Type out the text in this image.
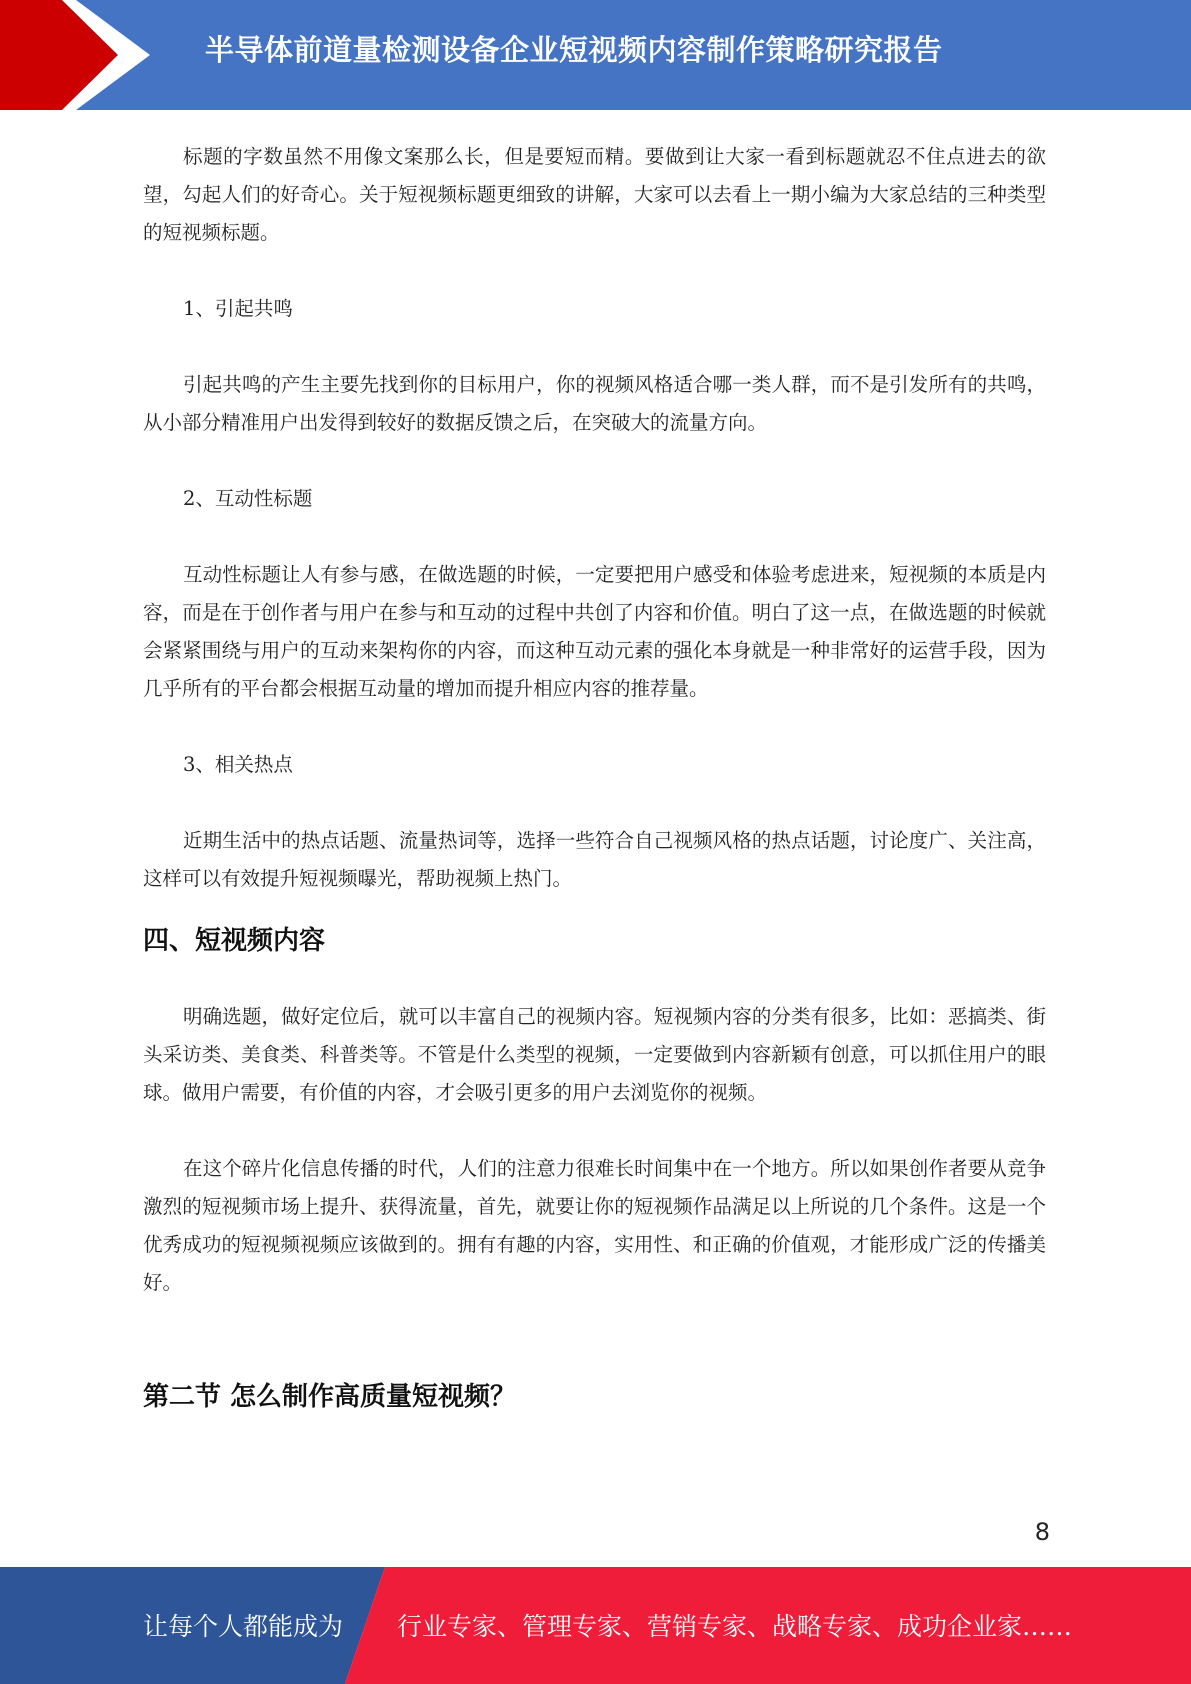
半导体前道量检测设备企业短视频内容制作策略研究报告

标题的字数虽然不用像文案那么长，但是要短而精。要做到让大家一看到标题就忍不住点进去的欲望，勾起人们的好奇心。关于短视频标题更细致的讲解，大家可以去看上一期小编为大家总结的三种类型的短视频标题。

1、引起共鸣

引起共鸣的产生主要先找到你的目标用户，你的视频风格适合哪一类人群，而不是引发所有的共鸣，从小部分精准用户出发得到较好的数据反馈之后，在突破大的流量方向。

2、互动性标题

互动性标题让人有参与感，在做选题的时候，一定要把用户感受和体验考虑进来，短视频的本质是内容，而是在于创作者与用户在参与和互动的过程中共创了内容和价值。明白了这一点，在做选题的时候就会紧紧围绕与用户的互动来架构你的内容，而这种互动元素的强化本身就是一种非常好的运营手段，因为几乎所有的平台都会根据互动量的增加而提升相应内容的推荐量。

3、相关热点

近期生活中的热点话题、流量热词等，选择一些符合自己视频风格的热点话题，讨论度广、关注高，这样可以有效提升短视频曝光，帮助视频上热门。

四、短视频内容

明确选题，做好定位后，就可以丰富自己的视频内容。短视频内容的分类有很多，比如：恶搞类、街头采访类、美食类、科普类等。不管是什么类型的视频，一定要做到内容新颖有创意，可以抓住用户的眼球。做用户需要，有价值的内容，才会吸引更多的用户去浏览你的视频。

在这个碎片化信息传播的时代，人们的注意力很难长时间集中在一个地方。所以如果创作者要从竞争激烈的短视频市场上提升、获得流量，首先，就要让你的短视频作品满足以上所说的几个条件。这是一个优秀成功的短视频视频应该做到的。拥有有趣的内容，实用性、和正确的价值观，才能形成广泛的传播美好。

第二节 怎么制作高质量短视频？

8
让每个人都能成为 行业专家、管理专家、营销专家、战略专家、成功企业家……
